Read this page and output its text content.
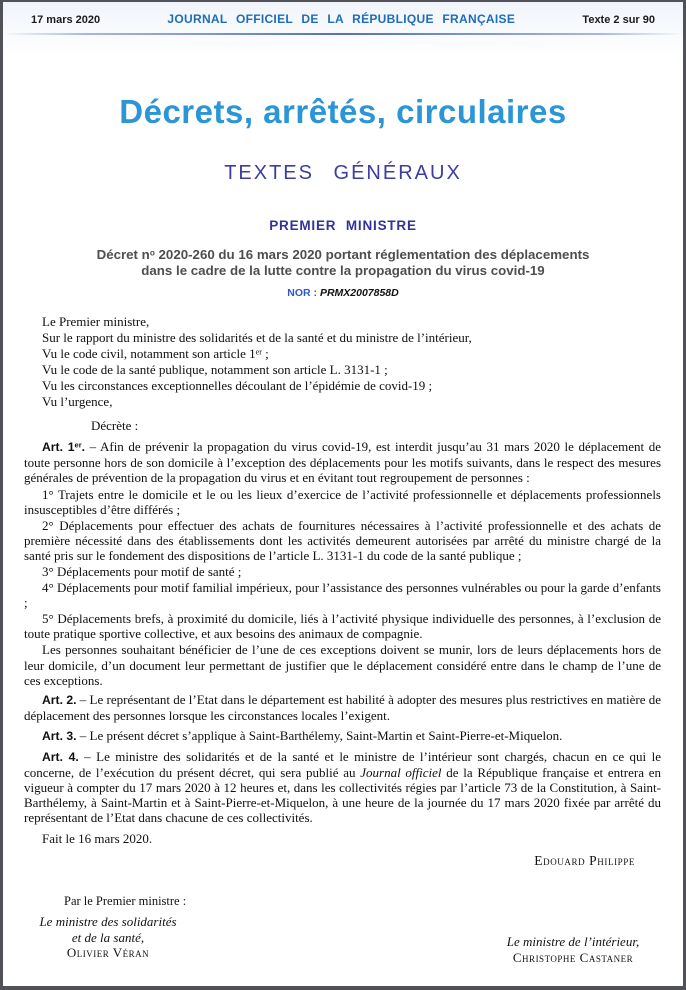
17 mars 2020	JOURNAL OFFICIEL DE LA RÉPUBLIQUE FRANÇAISE	Texte 2 sur 90
Décrets, arrêtés, circulaires
TEXTES GÉNÉRAUX
PREMIER MINISTRE
Décret $n^o$ 2020-260 du 16 mars 2020 portant réglementation des déplacements
dans le cadre de la lutte contre la propagation du virus covid-19
NOR : PRMX2007858D

Le Premier ministre,

Sur le rapport du ministre des solidarités et de la santé et du ministre de l’intérieur,

Vu le code civil, notamment son article 1er ;

Vu le code de la santé publique, notamment son article L. 3131-1 ;

Vu les circonstances exceptionnelles découlant de l’épidémie de covid-19 ;

Vu l’urgence,

Décrète :

Art. 1er. – Afin de prévenir la propagation du virus covid-19, est interdit jusqu’au 31 mars 2020 le déplacement de toute personne hors de son domicile à l’exception des déplacements pour les motifs suivants, dans le respect des mesures générales de prévention de la propagation du virus et en évitant tout regroupement de personnes :

1° Trajets entre le domicile et le ou les lieux d’exercice de l’activité professionnelle et déplacements professionnels insusceptibles d’être différés ;

2° Déplacements pour effectuer des achats de fournitures nécessaires à l’activité professionnelle et des achats de première nécessité dans des établissements dont les activités demeurent autorisées par arrêté du ministre chargé de la santé pris sur le fondement des dispositions de l’article L. 3131-1 du code de la santé publique ;

3° Déplacements pour motif de santé ;

4° Déplacements pour motif familial impérieux, pour l’assistance des personnes vulnérables ou pour la garde d’enfants ;

5° Déplacements brefs, à proximité du domicile, liés à l’activité physique individuelle des personnes, à l’exclusion de toute pratique sportive collective, et aux besoins des animaux de compagnie.

Les personnes souhaitant bénéficier de l’une de ces exceptions doivent se munir, lors de leurs déplacements hors de leur domicile, d’un document leur permettant de justifier que le déplacement considéré entre dans le champ de l’une de ces exceptions.

Art. 2. – Le représentant de l’Etat dans le département est habilité à adopter des mesures plus restrictives en matière de déplacement des personnes lorsque les circonstances locales l’exigent.

Art. 3. – Le présent décret s’applique à Saint-Barthélemy, Saint-Martin et Saint-Pierre-et-Miquelon.

Art. 4. – Le ministre des solidarités et de la santé et le ministre de l’intérieur sont chargés, chacun en ce qui le concerne, de l’exécution du présent décret, qui sera publié au Journal officiel de la République française et entrera en vigueur à compter du 17 mars 2020 à 12 heures et, dans les collectivités régies par l’article 73 de la Constitution, à Saint-Barthélemy, à Saint-Martin et à Saint-Pierre-et-Miquelon, à une heure de la journée du 17 mars 2020 fixée par arrêté du représentant de l’Etat dans chacune de ces collectivités.

Fait le 16 mars 2020.

Edouard Philippe
Par le Premier ministre :
Le ministre des solidarités
et de la santé,
Olivier Véran
Le ministre de l’intérieur,
Christophe Castaner
